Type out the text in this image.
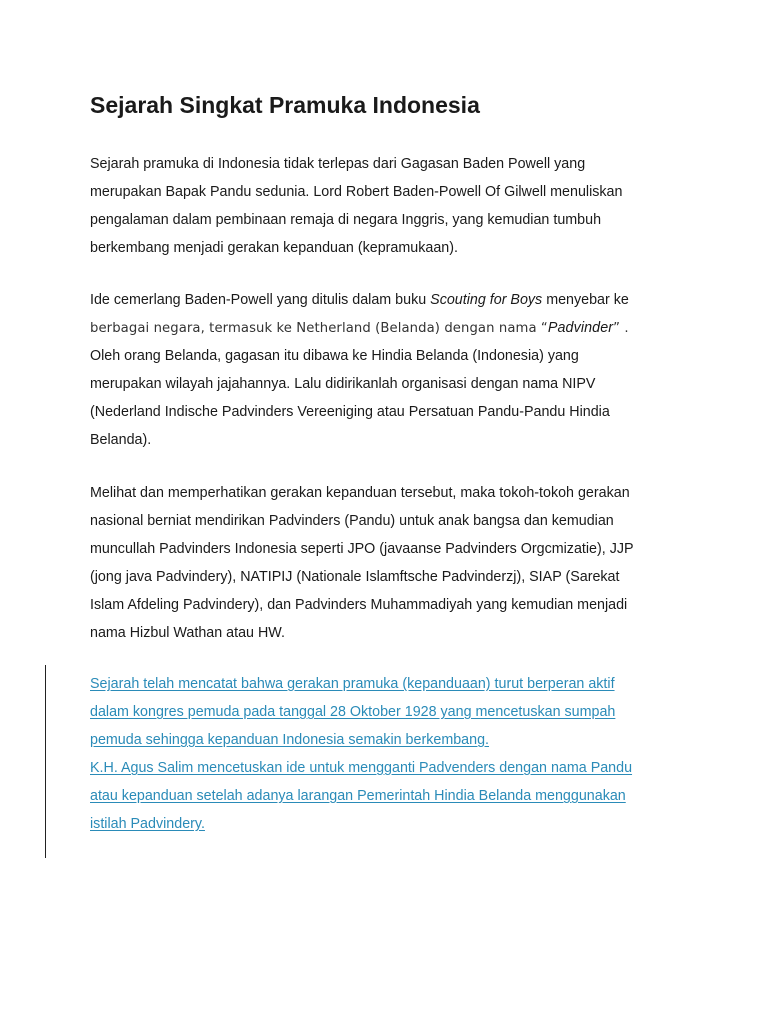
Sejarah Singkat Pramuka Indonesia
Sejarah pramuka di Indonesia tidak terlepas dari Gagasan Baden Powell yang
merupakan Bapak Pandu sedunia. Lord Robert Baden-Powell Of Gilwell menuliskan
pengalaman dalam pembinaan remaja di negara Inggris, yang kemudian tumbuh
berkembang menjadi gerakan kepanduan (kepramukaan).
Ide cemerlang Baden-Powell yang ditulis dalam buku Scouting for Boys menyebar ke
berbagai negara, termasuk ke Netherland (Belanda) dengan nama “Padvinder” .
Oleh orang Belanda, gagasan itu dibawa ke Hindia Belanda (Indonesia) yang
merupakan wilayah jajahannya. Lalu didirikanlah organisasi dengan nama NIPV
(Nederland Indische Padvinders Vereeniging atau Persatuan Pandu-Pandu Hindia
Belanda).
Melihat dan memperhatikan gerakan kepanduan tersebut, maka tokoh-tokoh gerakan
nasional berniat mendirikan Padvinders (Pandu) untuk anak bangsa dan kemudian
muncullah Padvinders Indonesia seperti JPO (javaanse Padvinders Orgcmizatie), JJP
(jong java Padvindery), NATIPIJ (Nationale Islamftsche Padvinderzj), SIAP (Sarekat
Islam Afdeling Padvindery), dan Padvinders Muhammadiyah yang kemudian menjadi
nama Hizbul Wathan atau HW.
Sejarah telah mencatat bahwa gerakan pramuka (kepanduaan) turut berperan aktif
dalam kongres pemuda pada tanggal 28 Oktober 1928 yang mencetuskan sumpah
pemuda sehingga kepanduan Indonesia semakin berkembang.
K.H. Agus Salim mencetuskan ide untuk mengganti Padvenders dengan nama Pandu
atau kepanduan setelah adanya larangan Pemerintah Hindia Belanda menggunakan
istilah Padvindery.
